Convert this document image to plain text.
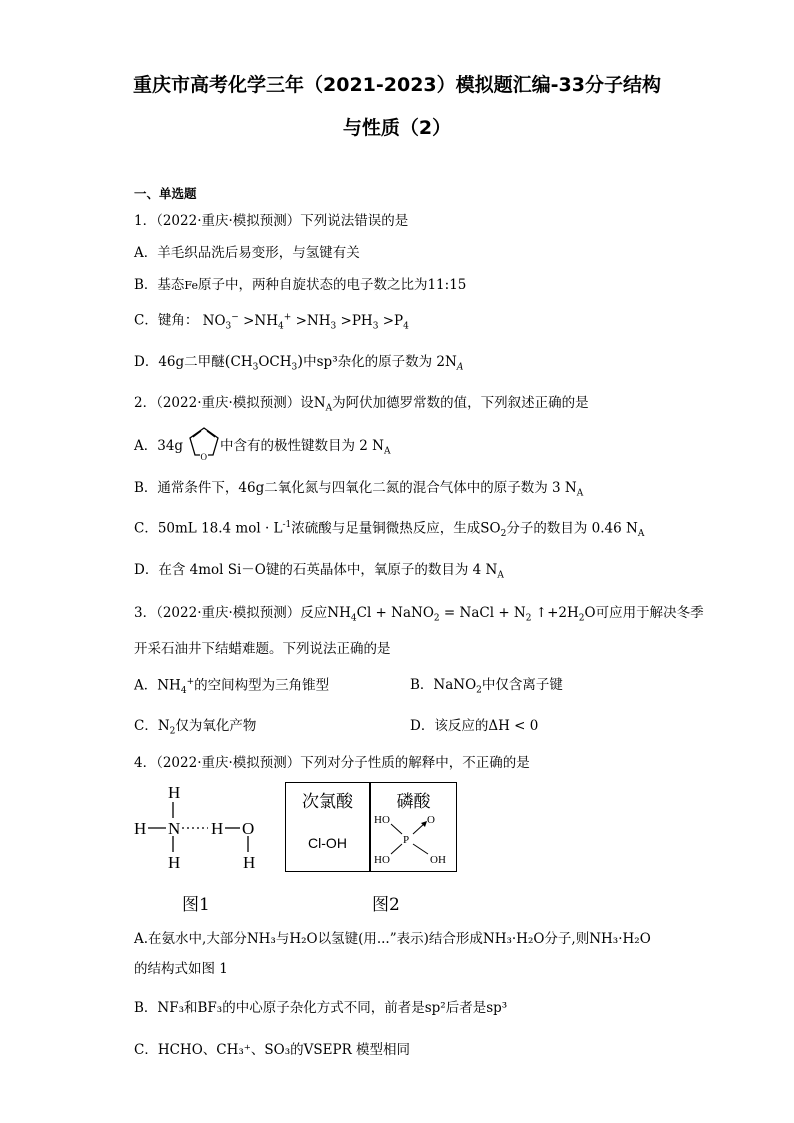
重庆市高考化学三年（2021-2023）模拟题汇编-33分子结构
与性质（2）
一、单选题
1．（2022·重庆·模拟预测）下列说法错误的是
A．羊毛织品洗后易变形，与氢键有关
B．基态Fe原子中，两种自旋状态的电子数之比为11:15
C．键角： $NO_3^- >NH_4^+ >NH_3 >PH_3 >P_4$
D．46g二甲醚$(CH_3OCH_3)$中sp³杂化的原子数为 $2N_A$
2．（2022·重庆·模拟预测）设$N_A$为阿伏加德罗常数的值，下列叙述正确的是
A．34g
O
中含有的极性键数目为 2 $N_A$
B．通常条件下，46g二氧化氮与四氧化二氮的混合气体中的原子数为 3 $N_A$
C．50mL 18.4 mol · $L^{-1}$浓硫酸与足量铜微热反应，生成$SO_2$分子的数目为 0.46 $N_A$
D．在含 4mol Si－O键的石英晶体中，氧原子的数目为 4 $N_A$
3．（2022·重庆·模拟预测）反应$NH_4Cl$ + NaNO$_2$ = NaCl + $N_2$ $↑+2H_2O$可应用于解决冬季
开采石油井下结蜡难题。下列说法正确的是
A．$NH_4^+$的空间构型为三角锥型	B．NaNO$_2$中仅含离子键
C．$N_2$仅为氧化产物	D．该反应的ΔH < 0
4．（2022·重庆·模拟预测）下列对分子性质的解释中，不正确的是
H
H N
H
H O
H
图1
次氯酸
Cl-OH
磷酸
HO
P
O
HO	OH
图2
A.在氨水中,大部分NH₃与H₂O以氢键(用...”表示)结合形成NH₃·H₂O分子,则NH₃·H₂O
的结构式如图 1
B．NF₃和BF₃的中心原子杂化方式不同，前者是sp²后者是sp³
C．HCHO、CH₃⁺、SO₃的VSEPR 模型相同
